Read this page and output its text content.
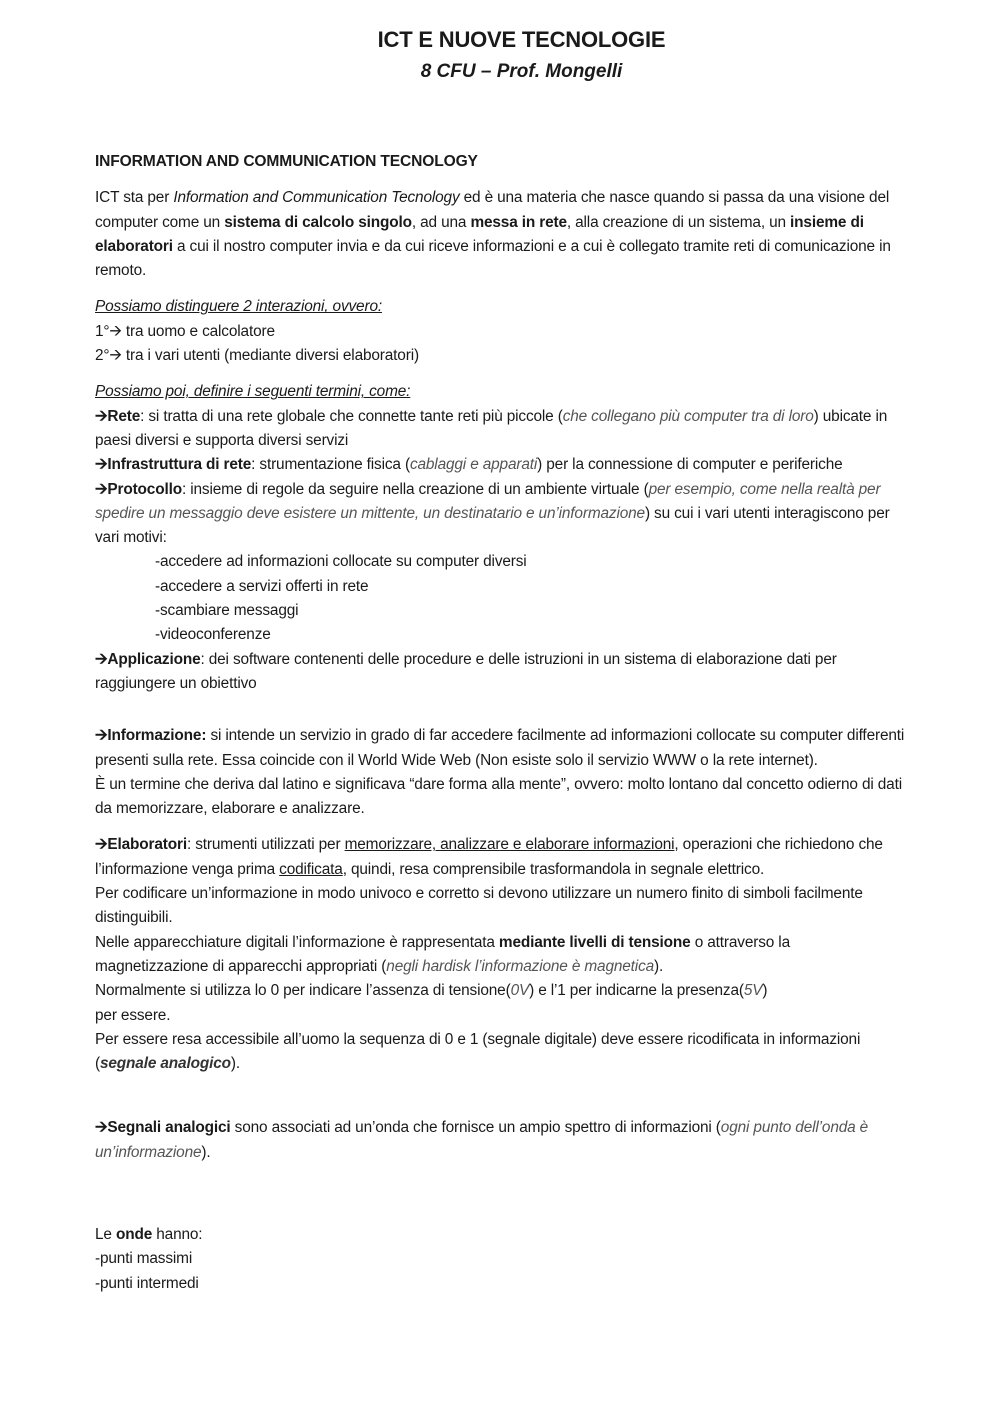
ICT E NUOVE TECNOLOGIE
8 CFU – Prof. Mongelli

INFORMATION AND COMMUNICATION TECNOLOGY

ICT sta per Information and Communication Tecnology ed è una materia che nasce quando si passa da una visione del computer come un sistema di calcolo singolo, ad una messa in rete, alla creazione di un sistema, un insieme di elaboratori a cui il nostro computer invia e da cui riceve informazioni e a cui è collegato tramite reti di comunicazione in remoto.

Possiamo distinguere 2 interazioni, ovvero:

1°🡪 tra uomo e calcolatore

2°🡪 tra i vari utenti (mediante diversi elaboratori)

Possiamo poi, definire i seguenti termini, come:

🡪Rete: si tratta di una rete globale che connette tante reti più piccole (che collegano più computer tra di loro) ubicate in paesi diversi e supporta diversi servizi

🡪Infrastruttura di rete: strumentazione fisica (cablaggi e apparati) per la connessione di computer e periferiche

🡪Protocollo: insieme di regole da seguire nella creazione di un ambiente virtuale (per esempio, come nella realtà per spedire un messaggio deve esistere un mittente, un destinatario e un’informazione) su cui i vari utenti interagiscono per vari motivi:

-accedere ad informazioni collocate su computer diversi

-accedere a servizi offerti in rete

-scambiare messaggi

-videoconferenze

🡪Applicazione: dei software contenenti delle procedure e delle istruzioni in un sistema di elaborazione dati per raggiungere un obiettivo

🡪Informazione: si intende un servizio in grado di far accedere facilmente ad informazioni collocate su computer differenti presenti sulla rete. Essa coincide con il World Wide Web (Non esiste solo il servizio WWW o la rete internet).

È un termine che deriva dal latino e significava “dare forma alla mente”, ovvero: molto lontano dal concetto odierno di dati da memorizzare, elaborare e analizzare.

🡪Elaboratori: strumenti utilizzati per memorizzare, analizzare e elaborare informazioni, operazioni che richiedono che l’informazione venga prima codificata, quindi, resa comprensibile trasformandola in segnale elettrico.

Per codificare un’informazione in modo univoco e corretto si devono utilizzare un numero finito di simboli facilmente distinguibili.

Nelle apparecchiature digitali l’informazione è rappresentata mediante livelli di tensione o attraverso la magnetizzazione di apparecchi appropriati (negli hardisk l’informazione è magnetica).

Normalmente si utilizza lo 0 per indicare l’assenza di tensione(0V) e l’1 per indicarne la presenza(5V)

per essere.

Per essere resa accessibile all’uomo la sequenza di 0 e 1 (segnale digitale) deve essere ricodificata in informazioni (segnale analogico).

🡪Segnali analogici sono associati ad un’onda che fornisce un ampio spettro di informazioni (ogni punto dell’onda è un’informazione).

Le onde hanno:

-punti massimi

-punti intermedi
